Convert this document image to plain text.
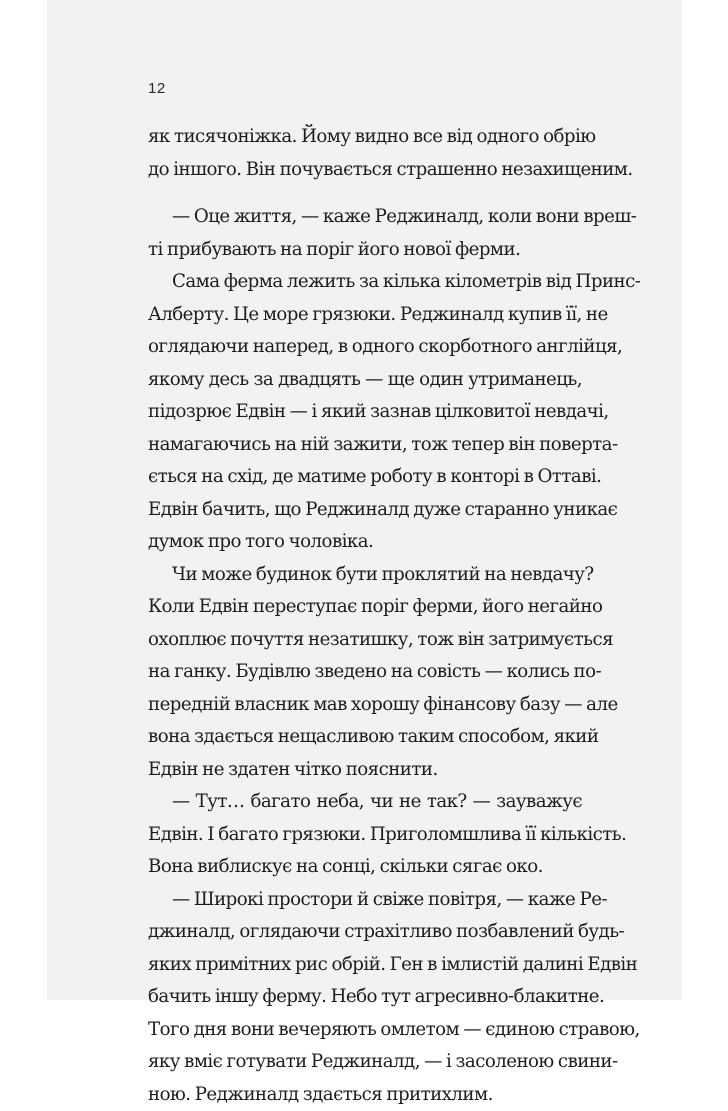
12
як тисячоніжка. Йому видно все від одного обрію
до іншого. Він почувається страшенно незахищеним.
— Оце життя, — каже Реджиналд, коли вони вреш-
ті прибувають на поріг його нової ферми.
Сама ферма лежить за кілька кілометрів від Принс-
Алберту. Це море грязюки. Реджиналд купив її, не
оглядаючи наперед, в одного скорботного англійця,
якому десь за двадцять — ще один утриманець,
підозрює Едвін — і який зазнав цілковитої невдачі,
намагаючись на ній зажити, тож тепер він поверта-
ється на схід, де матиме роботу в конторі в Оттаві.
Едвін бачить, що Реджиналд дуже старанно уникає
думок про того чоловіка.
Чи може будинок бути проклятий на невдачу?
Коли Едвін переступає поріг ферми, його негайно
охоплює почуття незатишку, тож він затримується
на ганку. Будівлю зведено на совість — колись по-
передній власник мав хорошу фінансову базу — але
вона здається нещасливою таким способом, який
Едвін не здатен чітко пояснити.
— Тут… багато неба, чи не так? — зауважує
Едвін. І багато грязюки. Приголомшлива її кількість.
Вона виблискує на сонці, скільки сягає око.
— Широкі простори й свіже повітря, — каже Ре-
джиналд, оглядаючи страхітливо позбавлений будь-
яких примітних рис обрій. Ген в імлистій далині Едвін
бачить іншу ферму. Небо тут агресивно-блакитне.
Того дня вони вечеряють омлетом — єдиною стравою,
яку вміє готувати Реджиналд, — і засоленою свини-
ною. Реджиналд здається притихлим.
